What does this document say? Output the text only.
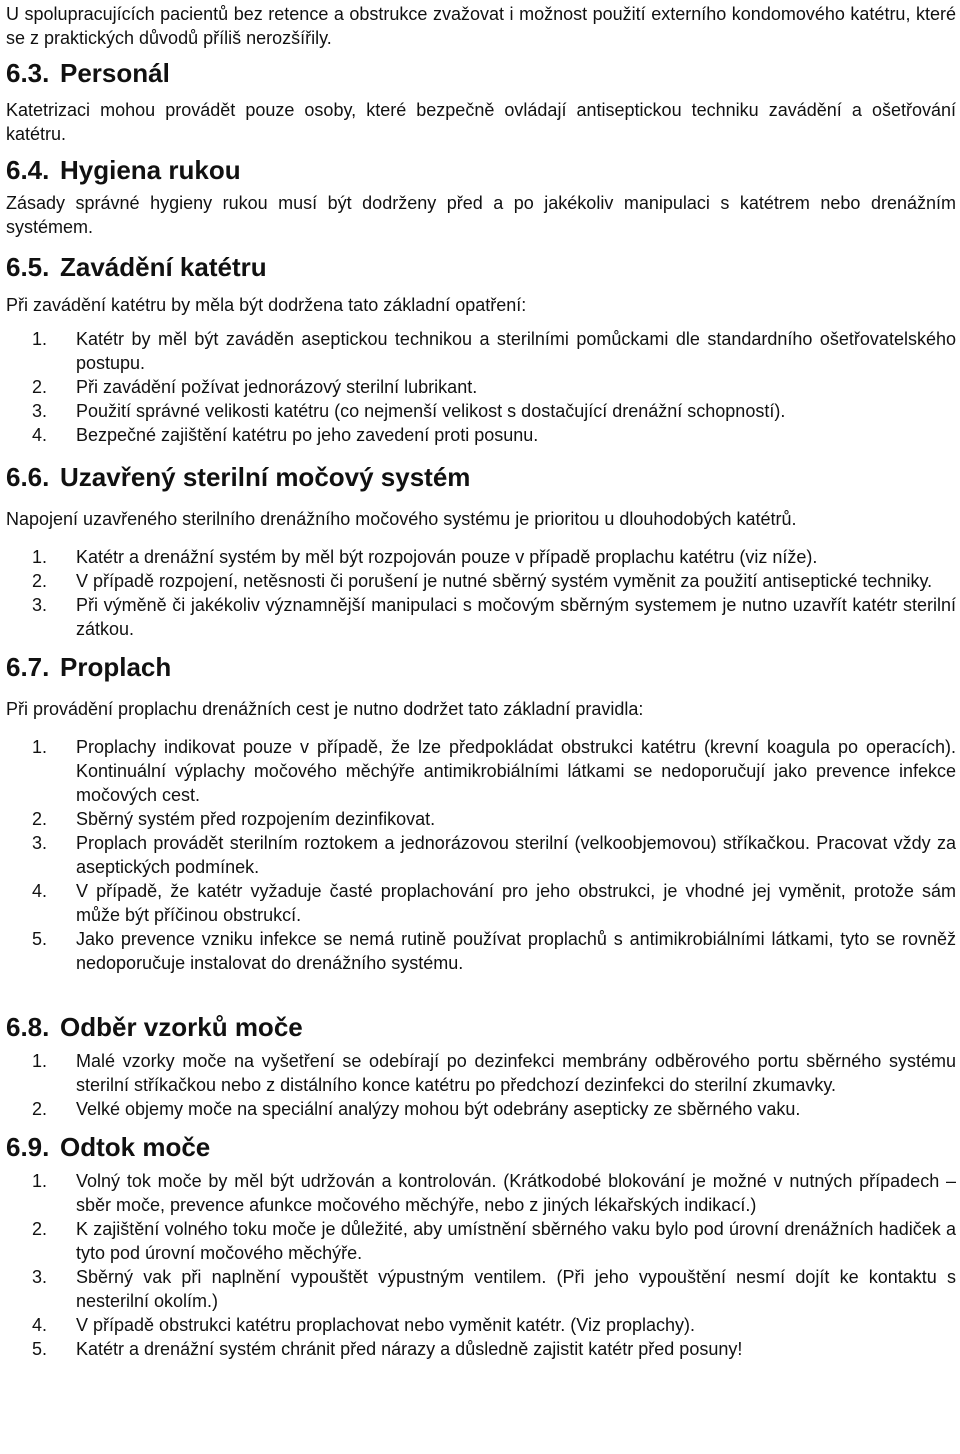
U spolupracujících pacientů bez retence a obstrukce zvažovat i možnost použití externího kondomového katétru, které se z praktických důvodů příliš nerozšířily.

6.3. Personál

Katetrizaci mohou provádět pouze osoby, které bezpečně ovládají antiseptickou techniku zavádění a ošetřování katétru.

6.4. Hygiena rukou

Zásady správné hygieny rukou musí být dodrženy před a po jakékoliv manipulaci s katétrem nebo drenážním systémem.

6.5. Zavádění katétru

Při zavádění katétru by měla být dodržena tato základní opatření:

1.	Katétr by měl být zaváděn aseptickou technikou a sterilními pomůckami dle standardního ošetřovatelského postupu.
2.	Při zavádění požívat jednorázový sterilní lubrikant.
3.	Použití správné velikosti katétru (co nejmenší velikost s dostačující drenážní schopností).
4.	Bezpečné zajištění katétru po jeho zavedení proti posunu.
6.6. Uzavřený sterilní močový systém

Napojení uzavřeného sterilního drenážního močového systému je prioritou u dlouhodobých katétrů.

1.	Katétr a drenážní systém by měl být rozpojován pouze v případě proplachu katétru (viz níže).
2.	V případě rozpojení, netěsnosti či porušení je nutné sběrný systém vyměnit za použití antiseptické techniky.
3.	Při výměně či jakékoliv významnější manipulaci s močovým sběrným systemem je nutno uzavřít katétr sterilní zátkou.
6.7. Proplach

Při provádění proplachu drenážních cest je nutno dodržet tato základní pravidla:

1.	Proplachy indikovat pouze v případě, že lze předpokládat obstrukci katétru (krevní koagula po operacích). Kontinuální výplachy močového měchýře antimikrobiálními látkami se nedoporučují jako prevence infekce močových cest.
2.	Sběrný systém před rozpojením dezinfikovat.
3.	Proplach provádět sterilním roztokem a jednorázovou sterilní (velkoobjemovou) stříkačkou. Pracovat vždy za aseptických podmínek.
4.	V případě, že katétr vyžaduje časté proplachování pro jeho obstrukci, je vhodné jej vyměnit, protože sám může být příčinou obstrukcí.
5.	Jako prevence vzniku infekce se nemá rutině používat proplachů s antimikrobiálními látkami, tyto se rovněž nedoporučuje instalovat do drenážního systému.
6.8. Odběr vzorků moče
1.	Malé vzorky moče na vyšetření se odebírají po dezinfekci membrány odběrového portu sběrného systému sterilní stříkačkou nebo z distálního konce katétru po předchozí dezinfekci do sterilní zkumavky.
2.	Velké objemy moče na speciální analýzy mohou být odebrány asepticky ze sběrného vaku.
6.9. Odtok moče
1.	Volný tok moče by měl být udržován a kontrolován. (Krátkodobé blokování je možné v nutných případech – sběr moče, prevence afunkce močového měchýře, nebo z jiných lékařských indikací.)
2.	K zajištění volného toku moče je důležité, aby umístnění sběrného vaku bylo pod úrovní drenážních hadiček a tyto pod úrovní močového měchýře.
3.	Sběrný vak při naplnění vypouštět výpustným ventilem. (Při jeho vypouštění nesmí dojít ke kontaktu s nesterilní okolím.)
4.	V případě obstrukci katétru proplachovat nebo vyměnit katétr. (Viz proplachy).
5.	Katétr a drenážní systém chránit před nárazy a důsledně zajistit katétr před posuny!
